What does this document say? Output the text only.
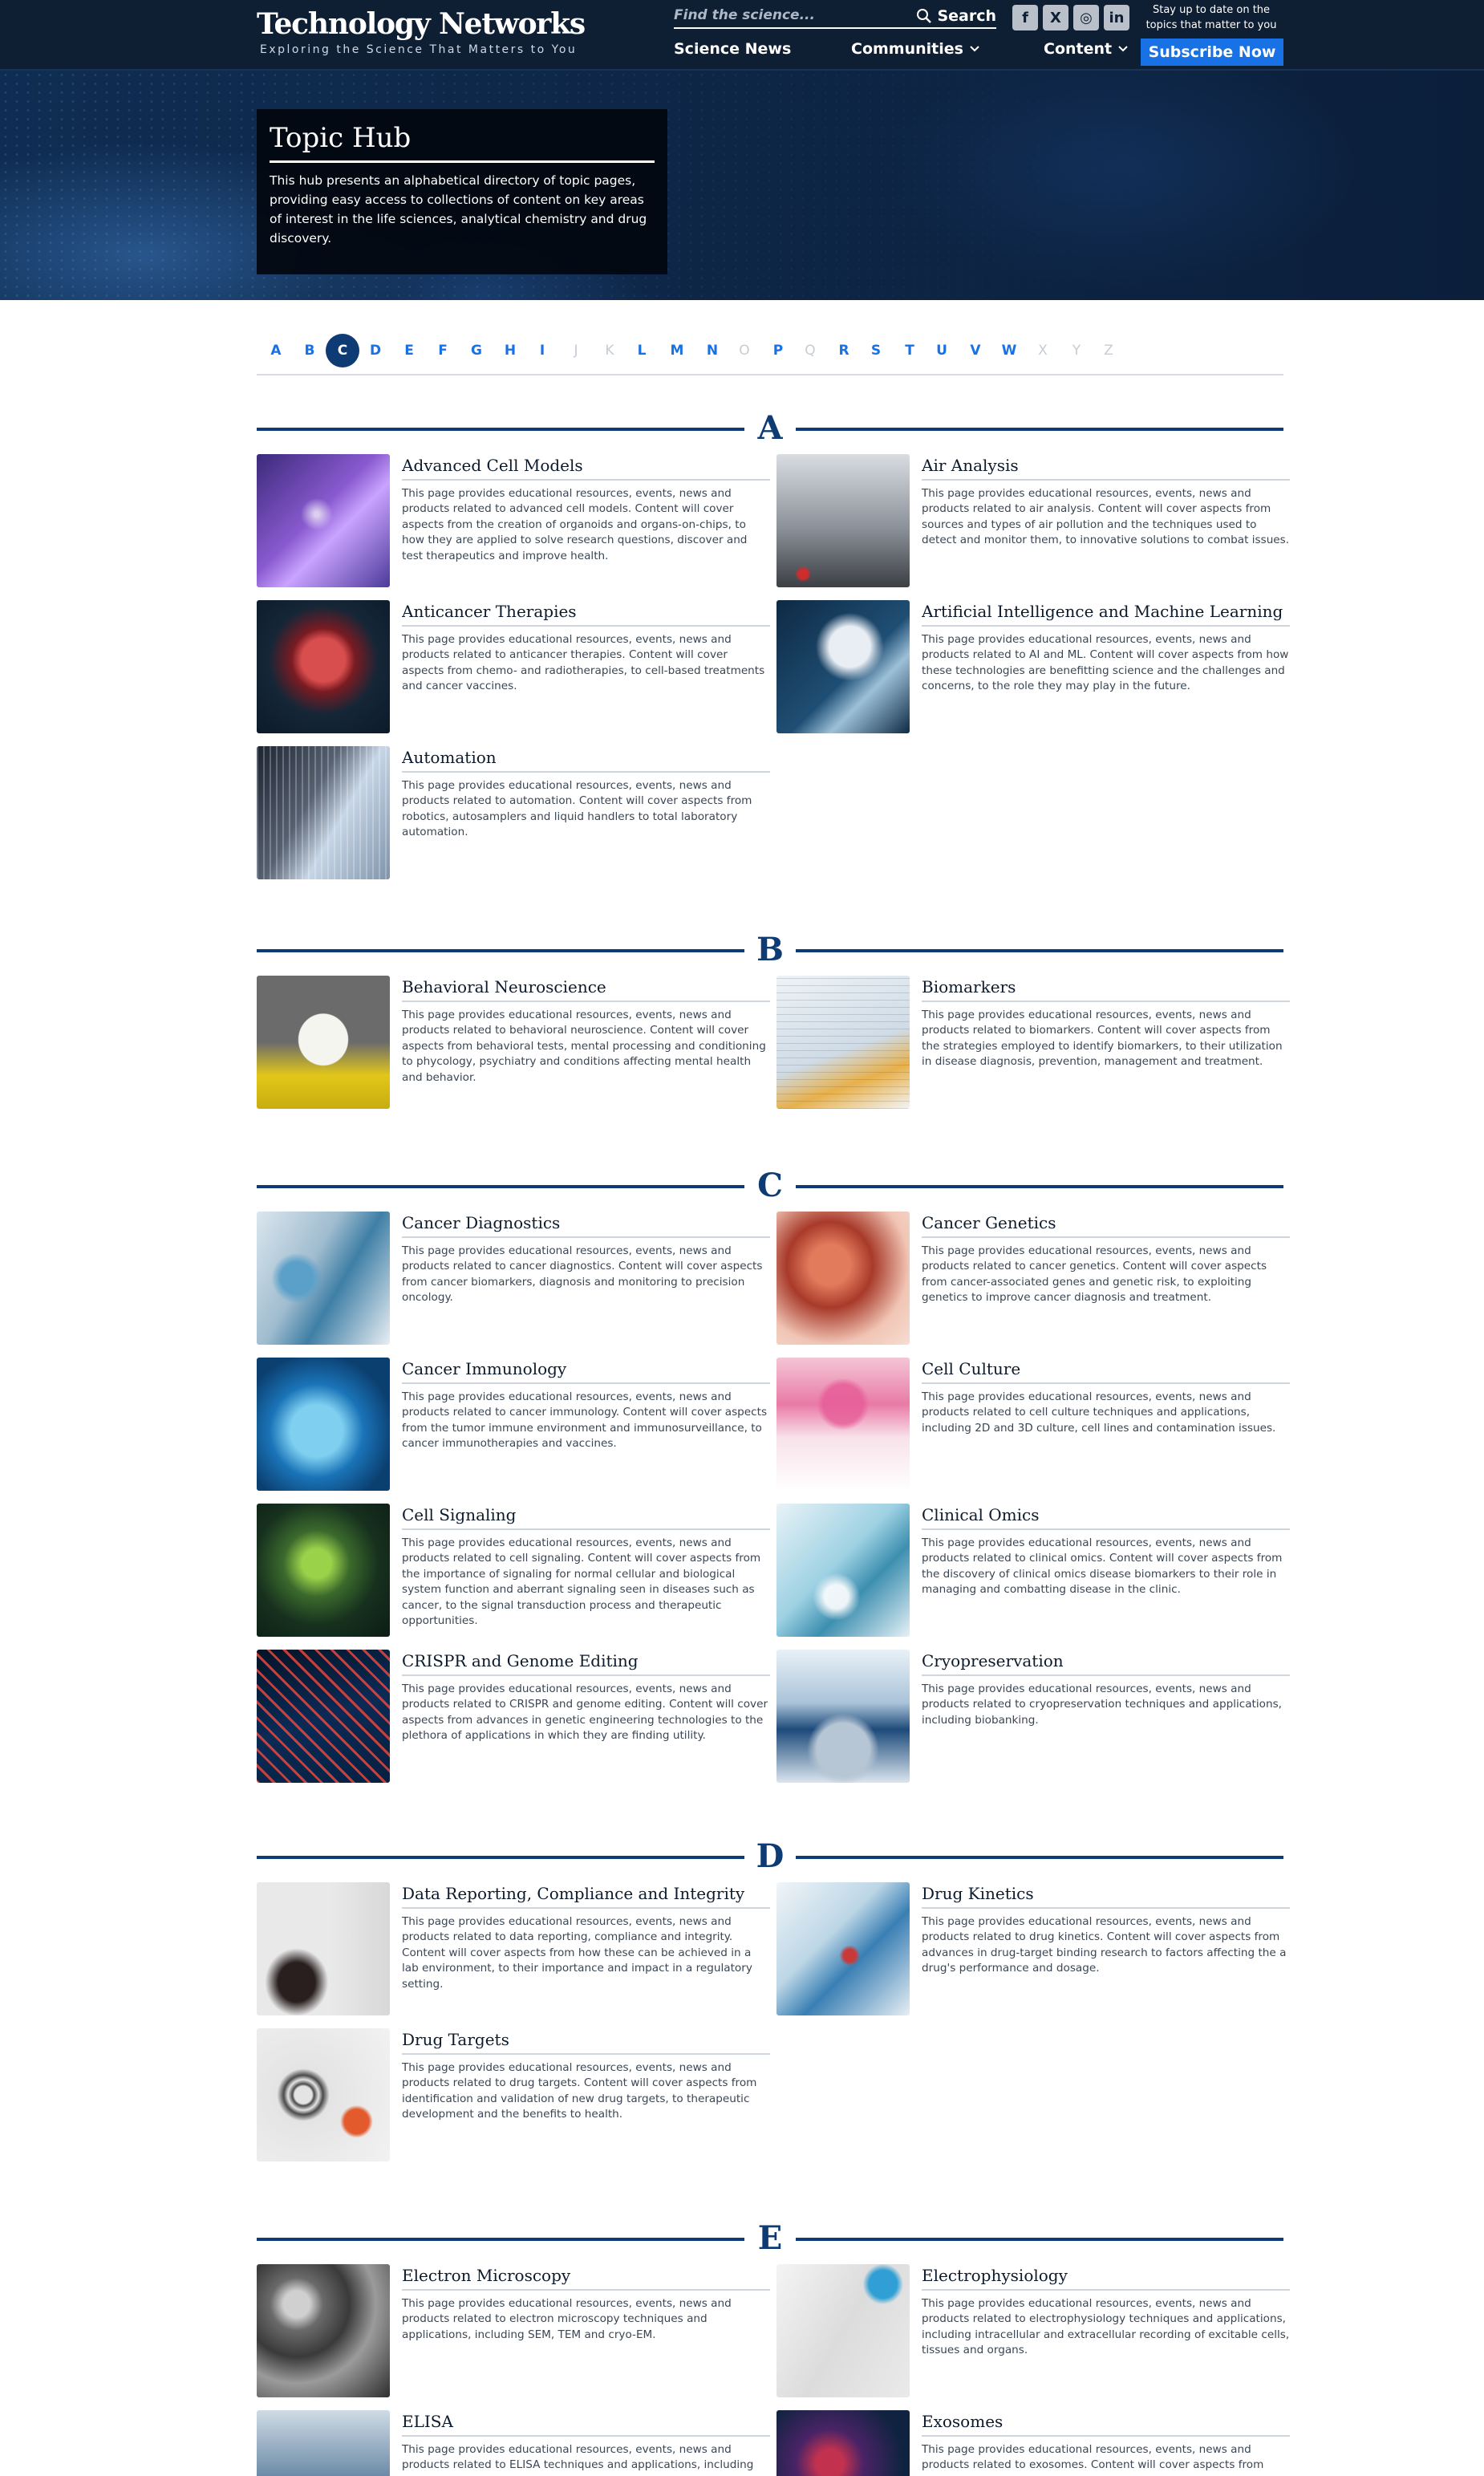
Technology Networks
Exploring the Science That Matters to You
Find the science...
Search	f	X	◎	in	Stay up to date on the topics that matter to you
Science News	Communities	Content	Subscribe Now
Topic Hub
This hub presents an alphabetical directory of topic pages, providing easy access to collections of content on key areas of interest in the life sciences, analytical chemistry and drug discovery.
A	B	C	D	E	F	G	H	I	J	K	L	M	N	O	P	Q	R	S	T	U	V	W	X	Y	Z
A
Advanced Cell Models
This page provides educational resources, events, news and products related to advanced cell models. Content will cover aspects from the creation of organoids and organs-on-chips, to how they are applied to solve research questions, discover and test therapeutics and improve health.
Air Analysis
This page provides educational resources, events, news and products related to air analysis. Content will cover aspects from sources and types of air pollution and the techniques used to detect and monitor them, to innovative solutions to combat issues.
Anticancer Therapies
This page provides educational resources, events, news and products related to anticancer therapies. Content will cover aspects from chemo- and radiotherapies, to cell-based treatments and cancer vaccines.
Artificial Intelligence and Machine Learning
This page provides educational resources, events, news and products related to AI and ML. Content will cover aspects from how these technologies are benefitting science and the challenges and concerns, to the role they may play in the future.
Automation
This page provides educational resources, events, news and products related to automation. Content will cover aspects from robotics, autosamplers and liquid handlers to total laboratory automation.
B
Behavioral Neuroscience
This page provides educational resources, events, news and products related to behavioral neuroscience. Content will cover aspects from behavioral tests, mental processing and conditioning to phycology, psychiatry and conditions affecting mental health and behavior.
Biomarkers
This page provides educational resources, events, news and products related to biomarkers. Content will cover aspects from the strategies employed to identify biomarkers, to their utilization in disease diagnosis, prevention, management and treatment.
C
Cancer Diagnostics
This page provides educational resources, events, news and products related to cancer diagnostics. Content will cover aspects from cancer biomarkers, diagnosis and monitoring to precision oncology.
Cancer Genetics
This page provides educational resources, events, news and products related to cancer genetics. Content will cover aspects from cancer-associated genes and genetic risk, to exploiting genetics to improve cancer diagnosis and treatment.
Cancer Immunology
This page provides educational resources, events, news and products related to cancer immunology. Content will cover aspects from the tumor immune environment and immunosurveillance, to cancer immunotherapies and vaccines.
Cell Culture
This page provides educational resources, events, news and products related to cell culture techniques and applications, including 2D and 3D culture, cell lines and contamination issues.
Cell Signaling
This page provides educational resources, events, news and products related to cell signaling. Content will cover aspects from the importance of signaling for normal cellular and biological system function and aberrant signaling seen in diseases such as cancer, to the signal transduction process and therapeutic opportunities.
Clinical Omics
This page provides educational resources, events, news and products related to clinical omics. Content will cover aspects from the discovery of clinical omics disease biomarkers to their role in managing and combatting disease in the clinic.
CRISPR and Genome Editing
This page provides educational resources, events, news and products related to CRISPR and genome editing. Content will cover aspects from advances in genetic engineering technologies to the plethora of applications in which they are finding utility.
Cryopreservation
This page provides educational resources, events, news and products related to cryopreservation techniques and applications, including biobanking.
D
Data Reporting, Compliance and Integrity
This page provides educational resources, events, news and products related to data reporting, compliance and integrity. Content will cover aspects from how these can be achieved in a lab environment, to their importance and impact in a regulatory setting.
Drug Kinetics
This page provides educational resources, events, news and products related to drug kinetics. Content will cover aspects from advances in drug-target binding research to factors affecting the a drug's performance and dosage.
Drug Targets
This page provides educational resources, events, news and products related to drug targets. Content will cover aspects from identification and validation of new drug targets, to therapeutic development and the benefits to health.
E
Electron Microscopy
This page provides educational resources, events, news and products related to electron microscopy techniques and applications, including SEM, TEM and cryo-EM.
Electrophysiology
This page provides educational resources, events, news and products related to electrophysiology techniques and applications, including intracellular and extracellular recording of excitable cells, tissues and organs.
ELISA
This page provides educational resources, events, news and products related to ELISA techniques and applications, including
Exosomes
This page provides educational resources, events, news and products related to exosomes. Content will cover aspects from
